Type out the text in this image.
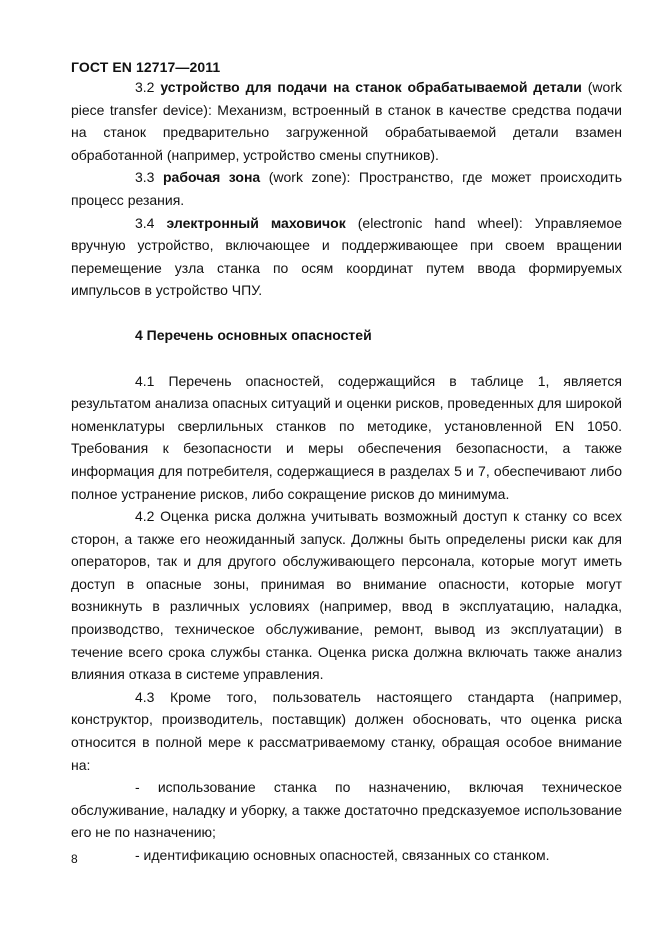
ГОСТ EN 12717—2011

3.2 устройство для подачи на станок обрабатываемой детали (work piece transfer device): Механизм, встроенный в станок в качестве средства подачи на станок предварительно загруженной обрабатываемой детали взамен обработанной (например, устройство смены спутников).

3.3 рабочая зона (work zone): Пространство, где может происходить процесс резания.

3.4 электронный маховичок (electronic hand wheel): Управляемое вручную устройство, включающее и поддерживающее при своем вращении перемещение узла станка по осям координат путем ввода формируемых импульсов в устройство ЧПУ.

4 Перечень основных опасностей

4.1 Перечень опасностей, содержащийся в таблице 1, является результатом анализа опасных ситуаций и оценки рисков, проведенных для широкой номенклатуры сверлильных станков по методике, установленной EN 1050. Требования к безопасности и меры обеспечения безопасности, а также информация для потребителя, содержащиеся в разделах 5 и 7, обеспечивают либо полное устранение рисков, либо сокращение рисков до минимума.

4.2 Оценка риска должна учитывать возможный доступ к станку со всех сторон, а также его неожиданный запуск. Должны быть определены риски как для операторов, так и для другого обслуживающего персонала, которые могут иметь доступ в опасные зоны, принимая во внимание опасности, которые могут возникнуть в различных условиях (например, ввод в эксплуатацию, наладка, производство, техническое обслуживание, ремонт, вывод из эксплуатации) в течение всего срока службы станка. Оценка риска должна включать также анализ влияния отказа в системе управления.

4.3 Кроме того, пользователь настоящего стандарта (например, конструктор, производитель, поставщик) должен обосновать, что оценка риска относится в полной мере к рассматриваемому станку, обращая особое внимание на:

- использование станка по назначению, включая техническое обслуживание, наладку и уборку, а также достаточно предсказуемое использование его не по назначению;

- идентификацию основных опасностей, связанных со станком.

8
